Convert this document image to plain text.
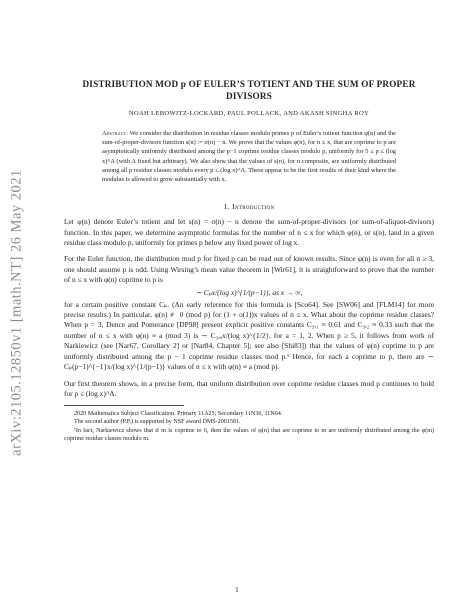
arXiv:2105.12850v1 [math.NT] 26 May 2021
DISTRIBUTION MOD p OF EULER’S TOTIENT AND THE SUM OF PROPER DIVISORS
NOAH LEBOWITZ-LOCKARD, PAUL POLLACK, AND AKASH SINGHA ROY
Abstract. We consider the distribution in residue classes modulo primes p of Euler’s totient function φ(n) and the sum-of-proper-divisors function s(n) := σ(n) − n. We prove that the values φ(n), for n ≤ x, that are coprime to p are asymptotically uniformly distributed among the p−1 coprime residue classes modulo p, uniformly for 5 ≤ p ≤ (log x)^A (with A fixed but arbitrary). We also show that the values of s(n), for n composite, are uniformly distributed among all p residue classes modulo every p ≤ (log x)^A. These appear to be the first results of their kind where the modulus is allowed to grow substantially with x.
1. Introduction

Let φ(n) denote Euler’s totient and let s(n) = σ(n) − n denote the sum-of-proper-divisors (or sum-of-aliquot-divisors) function. In this paper, we determine asymptotic formulas for the number of n ≤ x for which φ(n), or s(n), land in a given residue class modulo p, uniformly for primes p below any fixed power of log x.

For the Euler function, the distribution mod p for fixed p can be read out of known results. Since φ(n) is even for all n ≥ 3, one should assume p is odd. Using Wirsing’s mean value theorem in [Wir61], it is straightforward to prove that the number of n ≤ x with φ(n) coprime to p is

∼ Cₚx/(log x)^{1/(p−1)}, as x → ∞,

for a certain positive constant Cₚ. (An early reference for this formula is [Sco64]. See [SW06] and [FLM14] for more precise results.) In particular, φ(n) ≢ 0 (mod p) for (1 + o(1))x values of n ≤ x. What about the coprime residue classes? When p = 3, Dence and Pomerance [DP98] present explicit positive constants C₃,₁ ≈ 0.61 and C₃,₂ ≈ 0.33 such that the number of n ≤ x with φ(n) ≡ a (mod 3) is ∼ C₃,ₐx/(log x)^{1/2}, for a = 1, 2. When p ≥ 5, it follows from work of Narkiewicz (see [Nar67, Corollary 2] or [Nar84, Chapter 5]; see also [Shi83]) that the values of φ(n) coprime to p are uniformly distributed among the p − 1 coprime residue classes mod p.¹ Hence, for each a coprime to p, there are ∼ Cₚ(p−1)^{−1}x/(log x)^{1/(p−1)} values of n ≤ x with φ(n) ≡ a (mod p).

Our first theorem shows, in a precise form, that uniform distribution over coprime residue classes mod p continues to hold for p ≤ (log x)^A.

2020 Mathematics Subject Classification. Primary 11A25; Secondary 11N36, 11N64.

The second author (P.P.) is supported by NSF award DMS-2001581.

¹In fact, Narkiewicz shows that if m is coprime to 6, then the values of φ(n) that are coprime to m are uniformly distributed among the φ(m) coprime residue classes modulo m.

1
